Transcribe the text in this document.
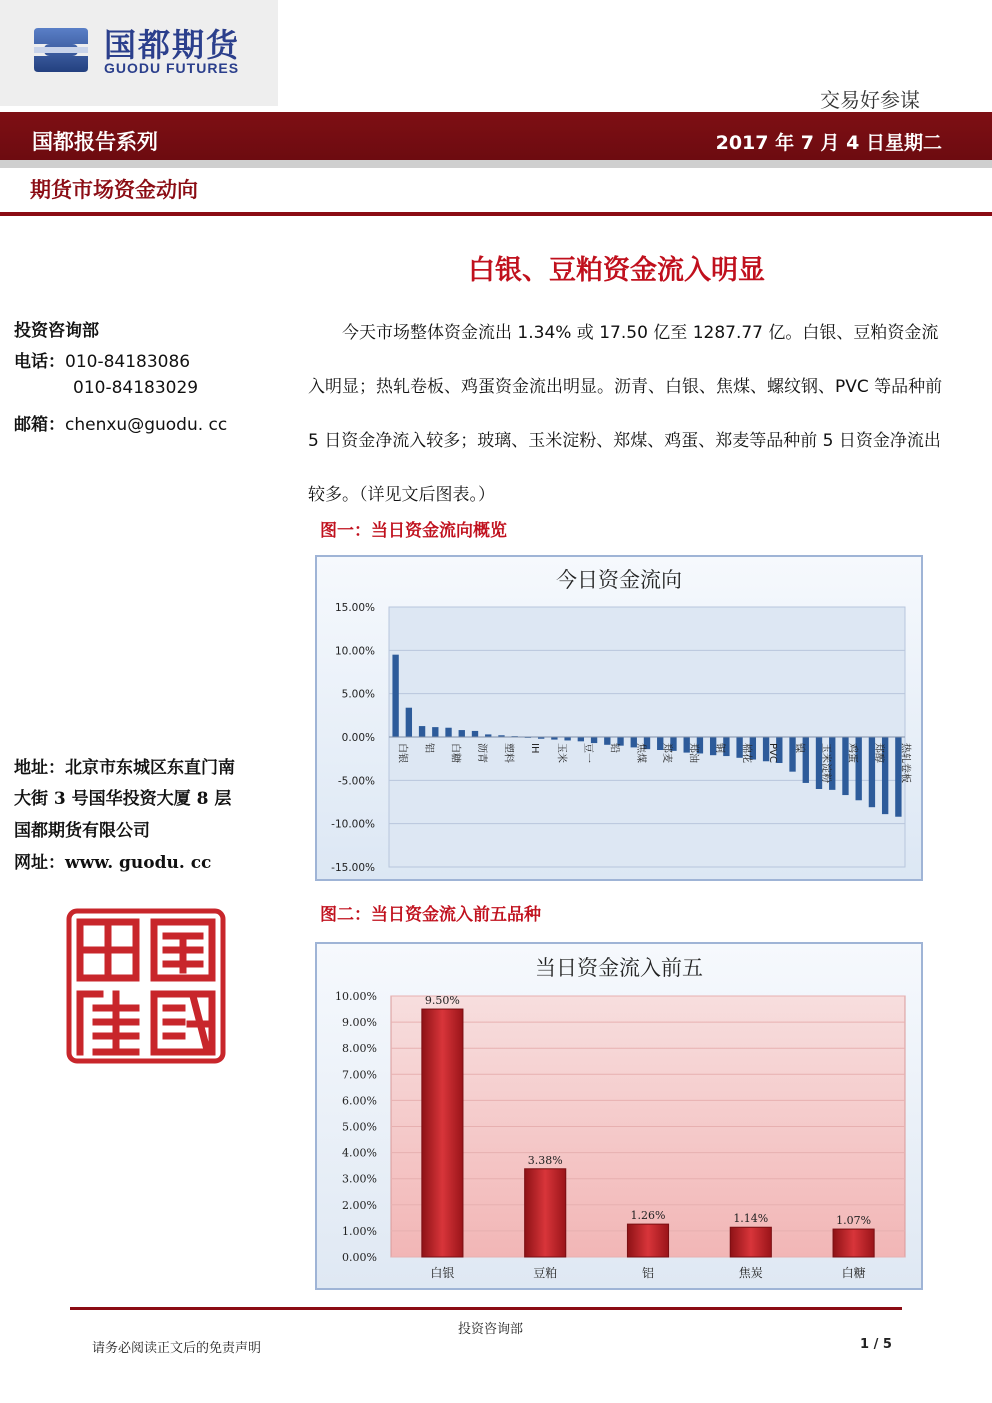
国都期货
GUODU FUTURES
交易好参谋
国都报告系列	2017 年 7 月 4 日星期二
期货市场资金动向
白银、豆粕资金流入明显
投资咨询部
电话：010-84183086
010-84183029
邮箱：chenxu@guodu. cc
地址：北京市东城区东直门南
大街 3 号国华投资大厦 8 层
国都期货有限公司
网址：www. guodu. cc
今天市场整体资金流出 1.34% 或 17.50 亿至 1287.77 亿。白银、豆粕资金流入明显；热轧卷板、鸡蛋资金流出明显。沥青、白银、焦煤、螺纹钢、PVC 等品种前 5 日资金净流入较多；玻璃、玉米淀粉、郑煤、鸡蛋、郑麦等品种前 5 日资金净流出较多。（详见文后图表。）
图一：当日资金流向概览
图二：当日资金流入前五品种
今日资金流向
15.00%
10.00%
5.00%
0.00%
-5.00%
-10.00%
-15.00%
白银 铝 白糖 沥青 塑料 IH 玉米 豆一 铅 焦煤 郑麦 郑油 铜 棉花 PVC 镍 玉米淀粉 鸡蛋 郑醇 热轧卷板
当日资金流入前五
10.00%
9.00%
8.00%
7.00%
6.00%
5.00%
4.00%
3.00%
2.00%
1.00%
0.00%
9.50%
白银
3.38%
豆粕
1.26%
铝
1.14%
焦炭
1.07%
白糖
投资咨询部
请务必阅读正文后的免责声明	1 / 5
